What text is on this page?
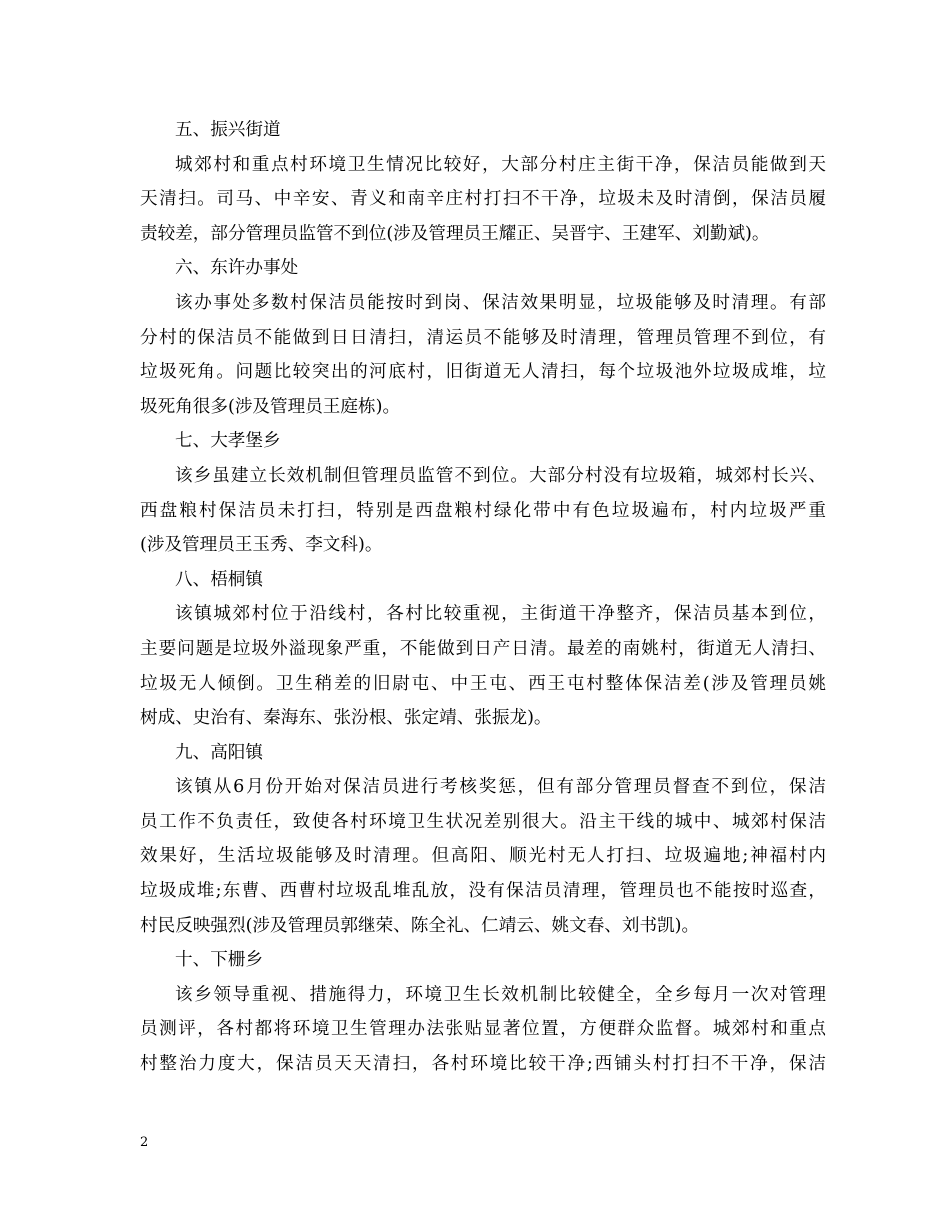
五、振兴街道
城郊村和重点村环境卫生情况比较好，大部分村庄主街干净，保洁员能做到天
天清扫。司马、中辛安、青义和南辛庄村打扫不干净，垃圾未及时清倒，保洁员履
责较差，部分管理员监管不到位(涉及管理员王耀正、吴晋宇、王建军、刘勤斌)。
六、东许办事处
该办事处多数村保洁员能按时到岗、保洁效果明显，垃圾能够及时清理。有部
分村的保洁员不能做到日日清扫，清运员不能够及时清理，管理员管理不到位，有
垃圾死角。问题比较突出的河底村，旧街道无人清扫，每个垃圾池外垃圾成堆，垃
圾死角很多(涉及管理员王庭栋)。
七、大孝堡乡
该乡虽建立长效机制但管理员监管不到位。大部分村没有垃圾箱，城郊村长兴、
西盘粮村保洁员未打扫，特别是西盘粮村绿化带中有色垃圾遍布，村内垃圾严重
(涉及管理员王玉秀、李文科)。
八、梧桐镇
该镇城郊村位于沿线村，各村比较重视，主街道干净整齐，保洁员基本到位，
主要问题是垃圾外溢现象严重，不能做到日产日清。最差的南姚村，街道无人清扫、
垃圾无人倾倒。卫生稍差的旧尉屯、中王屯、西王屯村整体保洁差(涉及管理员姚
树成、史治有、秦海东、张汾根、张定靖、张振龙)。
九、高阳镇
该镇从6月份开始对保洁员进行考核奖惩，但有部分管理员督查不到位，保洁
员工作不负责任，致使各村环境卫生状况差别很大。沿主干线的城中、城郊村保洁
效果好，生活垃圾能够及时清理。但高阳、顺光村无人打扫、垃圾遍地;神福村内
垃圾成堆;东曹、西曹村垃圾乱堆乱放，没有保洁员清理，管理员也不能按时巡查，
村民反映强烈(涉及管理员郭继荣、陈全礼、仁靖云、姚文春、刘书凯)。
十、下栅乡
该乡领导重视、措施得力，环境卫生长效机制比较健全，全乡每月一次对管理
员测评，各村都将环境卫生管理办法张贴显著位置，方便群众监督。城郊村和重点
村整治力度大，保洁员天天清扫，各村环境比较干净;西铺头村打扫不干净，保洁
2
